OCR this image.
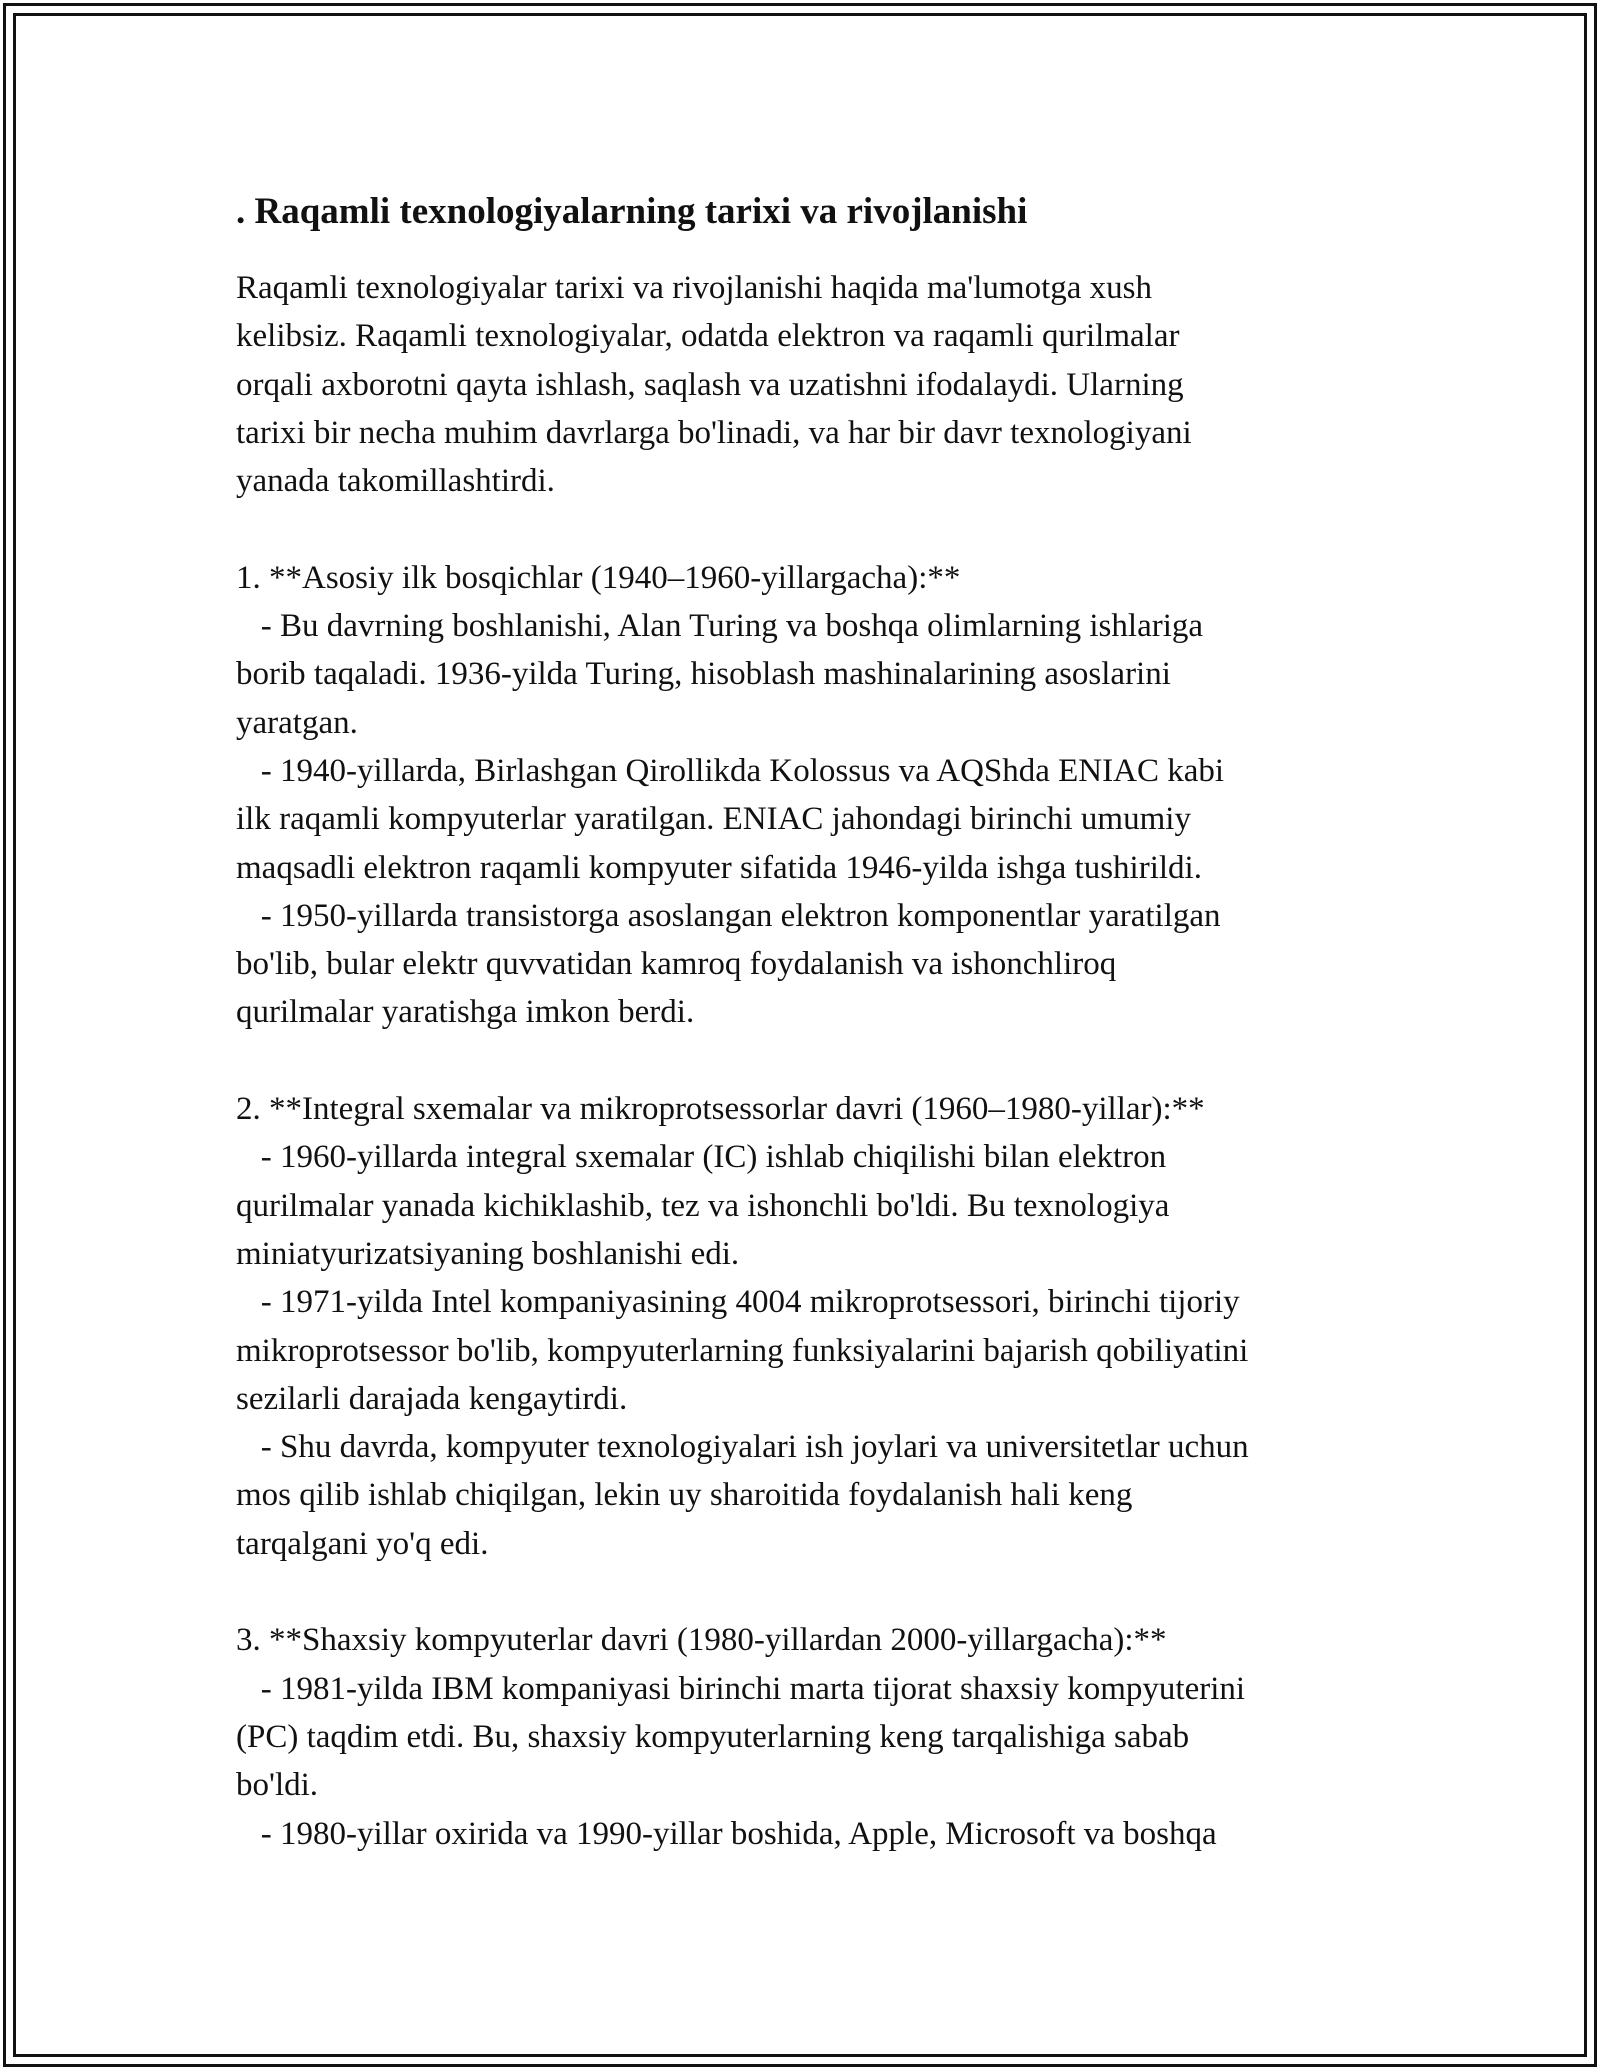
. Raqamli texnologiyalarning tarixi va rivojlanishi

Raqamli texnologiyalar tarixi va rivojlanishi haqida ma'lumotga xush
kelibsiz. Raqamli texnologiyalar, odatda elektron va raqamli qurilmalar
orqali axborotni qayta ishlash, saqlash va uzatishni ifodalaydi. Ularning
tarixi bir necha muhim davrlarga bo'linadi, va har bir davr texnologiyani
yanada takomillashtirdi.

1. **Asosiy ilk bosqichlar (1940–1960-yillargacha):**

- Bu davrning boshlanishi, Alan Turing va boshqa olimlarning ishlariga
borib taqaladi. 1936-yilda Turing, hisoblash mashinalarining asoslarini
yaratgan.

- 1940-yillarda, Birlashgan Qirollikda Kolossus va AQShda ENIAC kabi
ilk raqamli kompyuterlar yaratilgan. ENIAC jahondagi birinchi umumiy
maqsadli elektron raqamli kompyuter sifatida 1946-yilda ishga tushirildi.

- 1950-yillarda transistorga asoslangan elektron komponentlar yaratilgan
bo'lib, bular elektr quvvatidan kamroq foydalanish va ishonchliroq
qurilmalar yaratishga imkon berdi.

2. **Integral sxemalar va mikroprotsessorlar davri (1960–1980-yillar):**

- 1960-yillarda integral sxemalar (IC) ishlab chiqilishi bilan elektron
qurilmalar yanada kichiklashib, tez va ishonchli bo'ldi. Bu texnologiya
miniatyurizatsiyaning boshlanishi edi.

- 1971-yilda Intel kompaniyasining 4004 mikroprotsessori, birinchi tijoriy
mikroprotsessor bo'lib, kompyuterlarning funksiyalarini bajarish qobiliyatini
sezilarli darajada kengaytirdi.

- Shu davrda, kompyuter texnologiyalari ish joylari va universitetlar uchun
mos qilib ishlab chiqilgan, lekin uy sharoitida foydalanish hali keng
tarqalgani yo'q edi.

3. **Shaxsiy kompyuterlar davri (1980-yillardan 2000-yillargacha):**

- 1981-yilda IBM kompaniyasi birinchi marta tijorat shaxsiy kompyuterini
(PC) taqdim etdi. Bu, shaxsiy kompyuterlarning keng tarqalishiga sabab
bo'ldi.

- 1980-yillar oxirida va 1990-yillar boshida, Apple, Microsoft va boshqa
